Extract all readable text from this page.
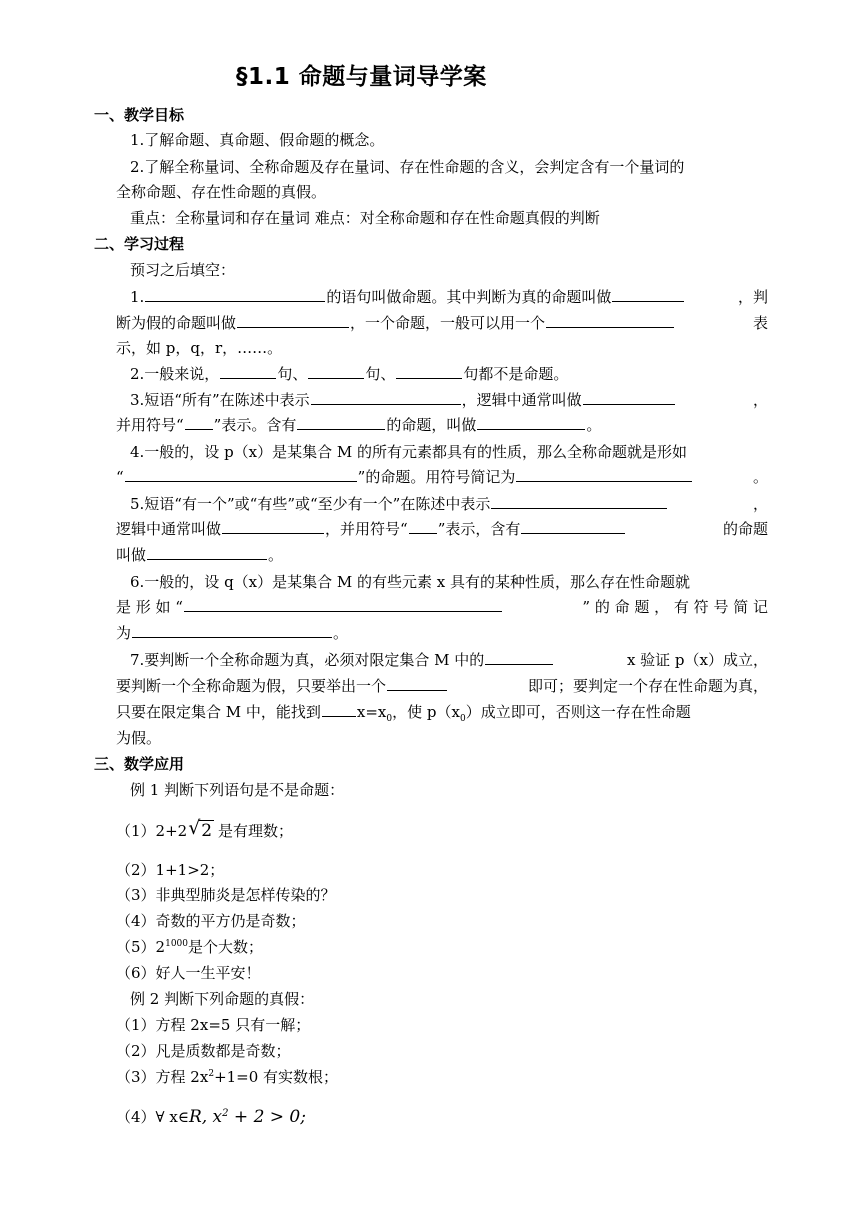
§1.1 命题与量词导学案
一、教学目标
1.了解命题、真命题、假命题的概念。
2.了解全称量词、全称命题及存在量词、存在性命题的含义，会判定含有一个量词的
全称命题、存在性命题的真假。
重点：全称量词和存在量词 难点：对全称命题和存在性命题真假的判断
二、学习过程
预习之后填空：
1.	的语句叫做命题。其中判断为真的命题叫做	，判
断为假的命题叫做	，一个命题，一般可以用一个	表
示，如 p，q，r，……。
2.一般来说，	句、	句、	句都不是命题。
3.短语“所有”在陈述中表示	，逻辑中通常叫做	，
并用符号“ ”表示。含有	的命题，叫做	。
4.一般的，设 p（x）是某集合 M 的所有元素都具有的性质，那么全称命题就是形如
“	”的命题。用符号简记为	。
5.短语“有一个”或“有些”或“至少有一个”在陈述中表示	，
逻辑中通常叫做	，并用符号“ ”表示，含有	的命题
叫做	。
6.一般的，设 q（x）是某集合 M 的有些元素 x 具有的某种性质，那么存在性命题就
是 形 如 “	” 的 命 题 ， 有 符 号 简 记
为	。
7.要判断一个全称命题为真，必须对限定集合 M 中的	x 验证 p（x）成立，
要判断一个全称命题为假，只要举出一个	即可；要判定一个存在性命题为真，
只要在限定集合 M 中，能找到 $x=x_0$，使 $p(x_0)$成立即可，否则这一存在性命题
为假。
三、数学应用
例 1 判断下列语句是不是命题：
（1）2+2 √ 2 是有理数；
（2）1+1>2；
（3）非典型肺炎是怎样传染的？
（4）奇数的平方仍是奇数；
$(5)2^{1000}$是个大数；
（6）好人一生平安！
例 2 判断下列命题的真假：
（1）方程 2x=5 只有一解；
（2）凡是质数都是奇数；
（3）方程 $2x^2+1=0$ 有实数根；
（4）∀ x∈R, $x^2 + 2 > 0$;
